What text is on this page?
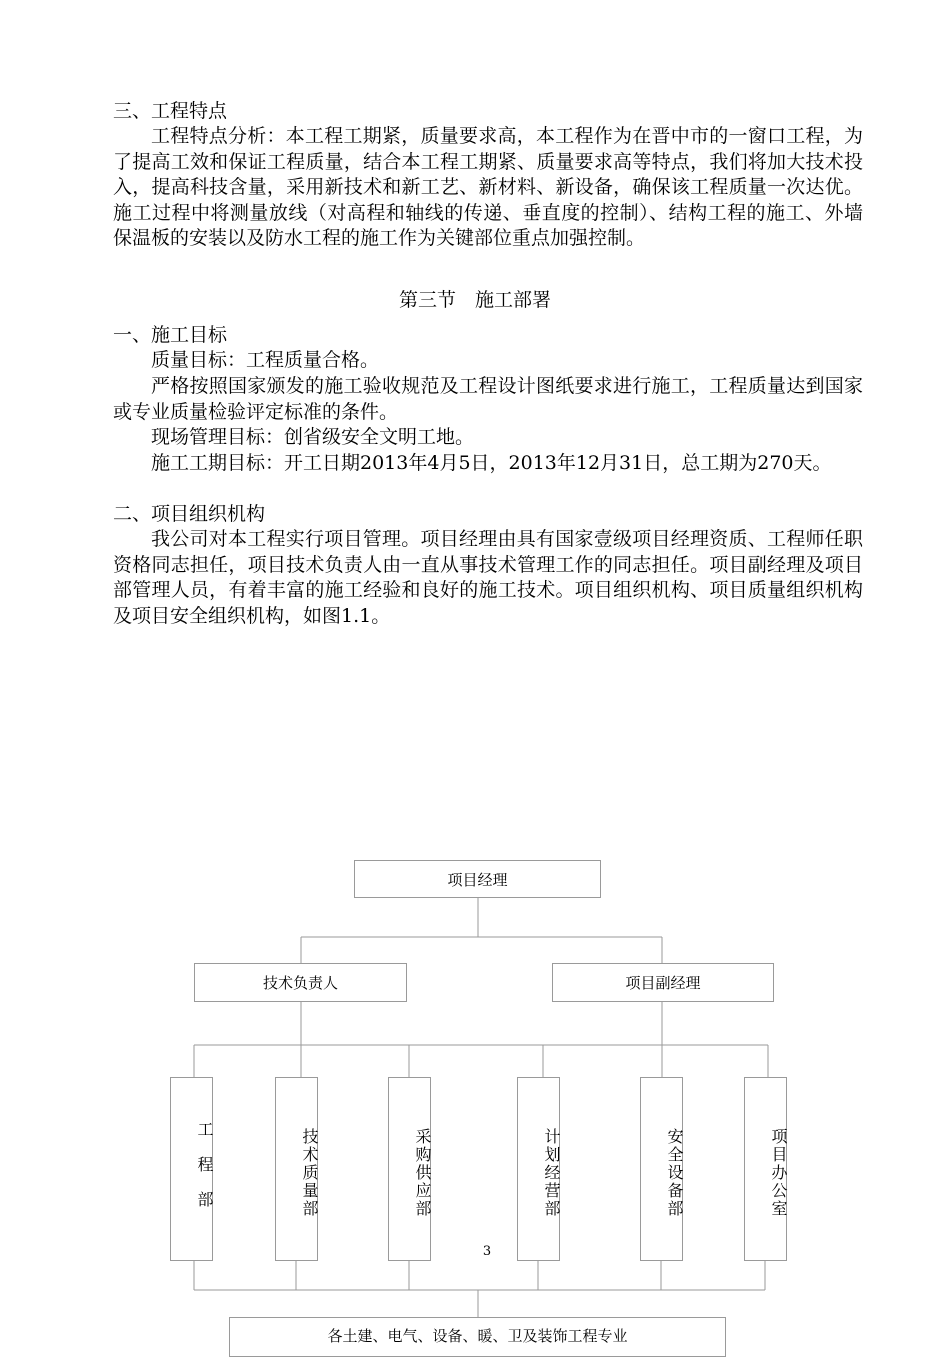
三、工程特点
工程特点分析：本工程工期紧，质量要求高，本工程作为在晋中市的一窗口工程，为了提高工效和保证工程质量，结合本工程工期紧、质量要求高等特点，我们将加大技术投入，提高科技含量，采用新技术和新工艺、新材料、新设备，确保该工程质量一次达优。施工过程中将测量放线（对高程和轴线的传递、垂直度的控制）、结构工程的施工、外墙保温板的安装以及防水工程的施工作为关键部位重点加强控制。
第三节　施工部署
一、施工目标
质量目标：工程质量合格。
严格按照国家颁发的施工验收规范及工程设计图纸要求进行施工，工程质量达到国家或专业质量检验评定标准的条件。
现场管理目标：创省级安全文明工地。
施工工期目标：开工日期2013年4月5日，2013年12月31日，总工期为270天。
二、项目组织机构
我公司对本工程实行项目管理。项目经理由具有国家壹级项目经理资质、工程师任职资格同志担任，项目技术负责人由一直从事技术管理工作的同志担任。项目副经理及项目部管理人员，有着丰富的施工经验和良好的施工技术。项目组织机构、项目质量组织机构及项目安全组织机构，如图1.1。
项目经理
技术负责人	项目副经理
工程部	技术质量部	采购供应部	计划经营部	安全设备部	项目办公室
各土建、电气、设备、暖、卫及装饰工程专业
3
